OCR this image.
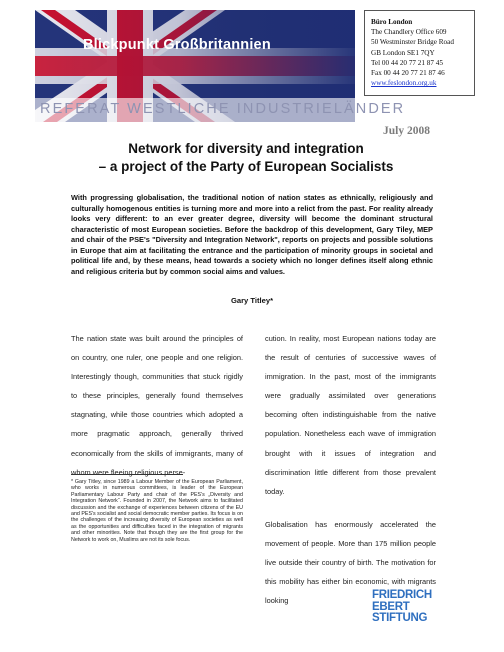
Blickpunkt Großbritannien
REFERAT WESTLICHE INDUSTRIELÄNDER
Büro London
The Chandlery Office 609
50 Westminster Bridge Road
GB London SE1 7QY
Tel 00 44 20 77 21 87 45
Fax 00 44 20 77 21 87 46
www.feslondon.org.uk
July 2008
Network for diversity and integration
– a project of the Party of European Socialists
With progressing globalisation, the traditional notion of nation states as ethnically, religiously and culturally homogenous entities is turning more and more into a relict from the past. For reality already looks very different: to an ever greater degree, diversity will become the dominant structural characteristic of most European societies. Before the backdrop of this development, Gary Tiley, MEP and chair of the PSE's "Diversity and Integration Network", reports on projects and possible solutions in Europe that aim at facilitating the entrance and the participation of minority groups in societal and political life and, by these means, head towards a society which no longer defines itself along ethnic and religious criteria but by common social aims and values.
Gary Titley*

The nation state was built around the principles of on country, one ruler, one people and one religion. Interestingly though, communities that stuck rigidly to these principles, generally found themselves stagnating, while those countries which adopted a more pragmatic approach, generally thrived economically from the skills of immigrants, many of whom were fleeing religious perse-

* Gary Titley, since 1989 a Labour Member of the European Parliament, who works in numerous committees, is leader of the European Parliamentary Labour Party and chair of the PES's „Diversity and Integration Network“. Founded in 2007, the Network aims to facilitated discussion and the exchange of experiences between citizens of the EU and PES's socialist and social democratic member parties. Its focus is on the challenges of the increasing diversity of European societies as well as the opportunities and difficulties faced in the integration of migrants and other minorities. Note that though they are the first group for the Network to work on, Muslims are not its sole focus.

cution. In reality, most European nations today are the result of centuries of successive waves of immigration. In the past, most of the immigrants were gradually assimilated over generations becoming often indistinguishable from the native population. Nonetheless each wave of immigration brought with it issues of integration and discrimination little different from those prevalent today.

Globalisation has enormously accelerated the movement of people. More than 175 million people live outside their country of birth. The motivation for this mobility has either bin economic, with migrants looking	FRIEDRICH
EBERT
STIFTUNG
